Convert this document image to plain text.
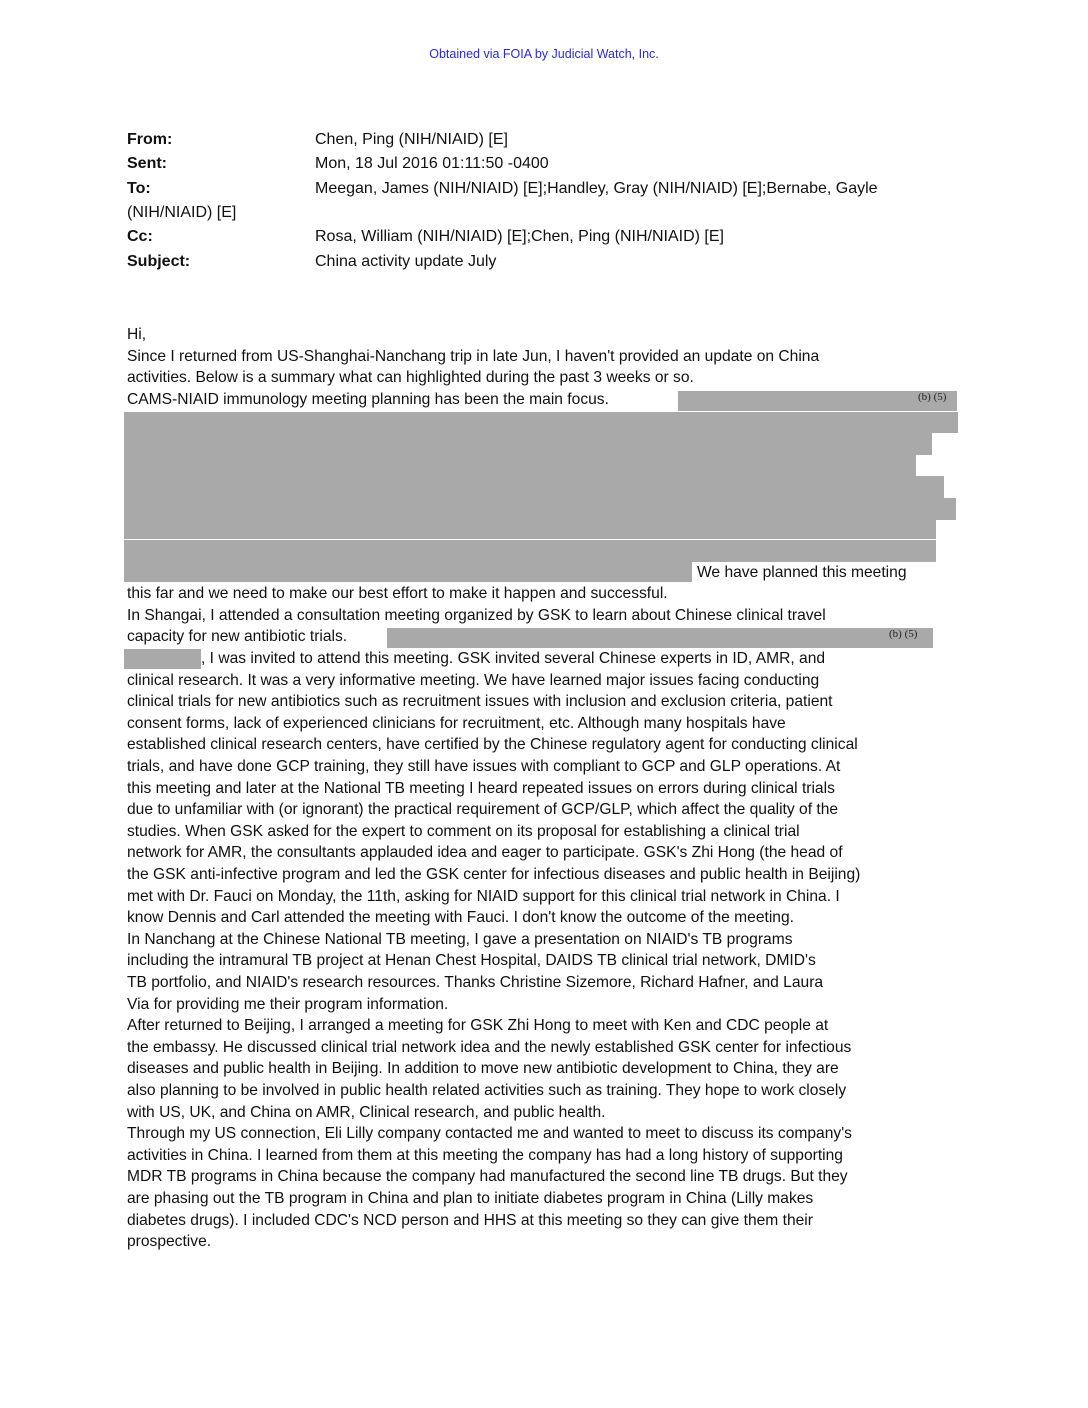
Obtained via FOIA by Judicial Watch, Inc.
From:	Chen, Ping (NIH/NIAID) [E]
Sent:	Mon, 18 Jul 2016 01:11:50 -0400
To:	Meegan, James (NIH/NIAID) [E];Handley, Gray (NIH/NIAID) [E];Bernabe, Gayle
(NIH/NIAID) [E]
Cc:	Rosa, William (NIH/NIAID) [E];Chen, Ping (NIH/NIAID) [E]
Subject:	China activity update July
Hi,
Since I returned from US-Shanghai-Nanchang trip in late Jun, I haven't provided an update on China
activities. Below is a summary what can highlighted during the past 3 weeks or so.
CAMS-NIAID immunology meeting planning has been the main focus.	(b) (5)
We have planned this meeting
this far and we need to make our best effort to make it happen and successful.
In Shangai, I attended a consultation meeting organized by GSK to learn about Chinese clinical travel
capacity for new antibiotic trials.	(b) (5)
, I was invited to attend this meeting. GSK invited several Chinese experts in ID, AMR, and
clinical research. It was a very informative meeting. We have learned major issues facing conducting
clinical trials for new antibiotics such as recruitment issues with inclusion and exclusion criteria, patient
consent forms, lack of experienced clinicians for recruitment, etc. Although many hospitals have
established clinical research centers, have certified by the Chinese regulatory agent for conducting clinical
trials, and have done GCP training, they still have issues with compliant to GCP and GLP operations. At
this meeting and later at the National TB meeting I heard repeated issues on errors during clinical trials
due to unfamiliar with (or ignorant) the practical requirement of GCP/GLP, which affect the quality of the
studies. When GSK asked for the expert to comment on its proposal for establishing a clinical trial
network for AMR, the consultants applauded idea and eager to participate. GSK's Zhi Hong (the head of
the GSK anti-infective program and led the GSK center for infectious diseases and public health in Beijing)
met with Dr. Fauci on Monday, the 11th, asking for NIAID support for this clinical trial network in China. I
know Dennis and Carl attended the meeting with Fauci. I don't know the outcome of the meeting.
In Nanchang at the Chinese National TB meeting, I gave a presentation on NIAID's TB programs
including the intramural TB project at Henan Chest Hospital, DAIDS TB clinical trial network, DMID's
TB portfolio, and NIAID's research resources. Thanks Christine Sizemore, Richard Hafner, and Laura
Via for providing me their program information.
After returned to Beijing, I arranged a meeting for GSK Zhi Hong to meet with Ken and CDC people at
the embassy. He discussed clinical trial network idea and the newly established GSK center for infectious
diseases and public health in Beijing. In addition to move new antibiotic development to China, they are
also planning to be involved in public health related activities such as training. They hope to work closely
with US, UK, and China on AMR, Clinical research, and public health.
Through my US connection, Eli Lilly company contacted me and wanted to meet to discuss its company's
activities in China. I learned from them at this meeting the company has had a long history of supporting
MDR TB programs in China because the company had manufactured the second line TB drugs. But they
are phasing out the TB program in China and plan to initiate diabetes program in China (Lilly makes
diabetes drugs). I included CDC's NCD person and HHS at this meeting so they can give them their
prospective.
